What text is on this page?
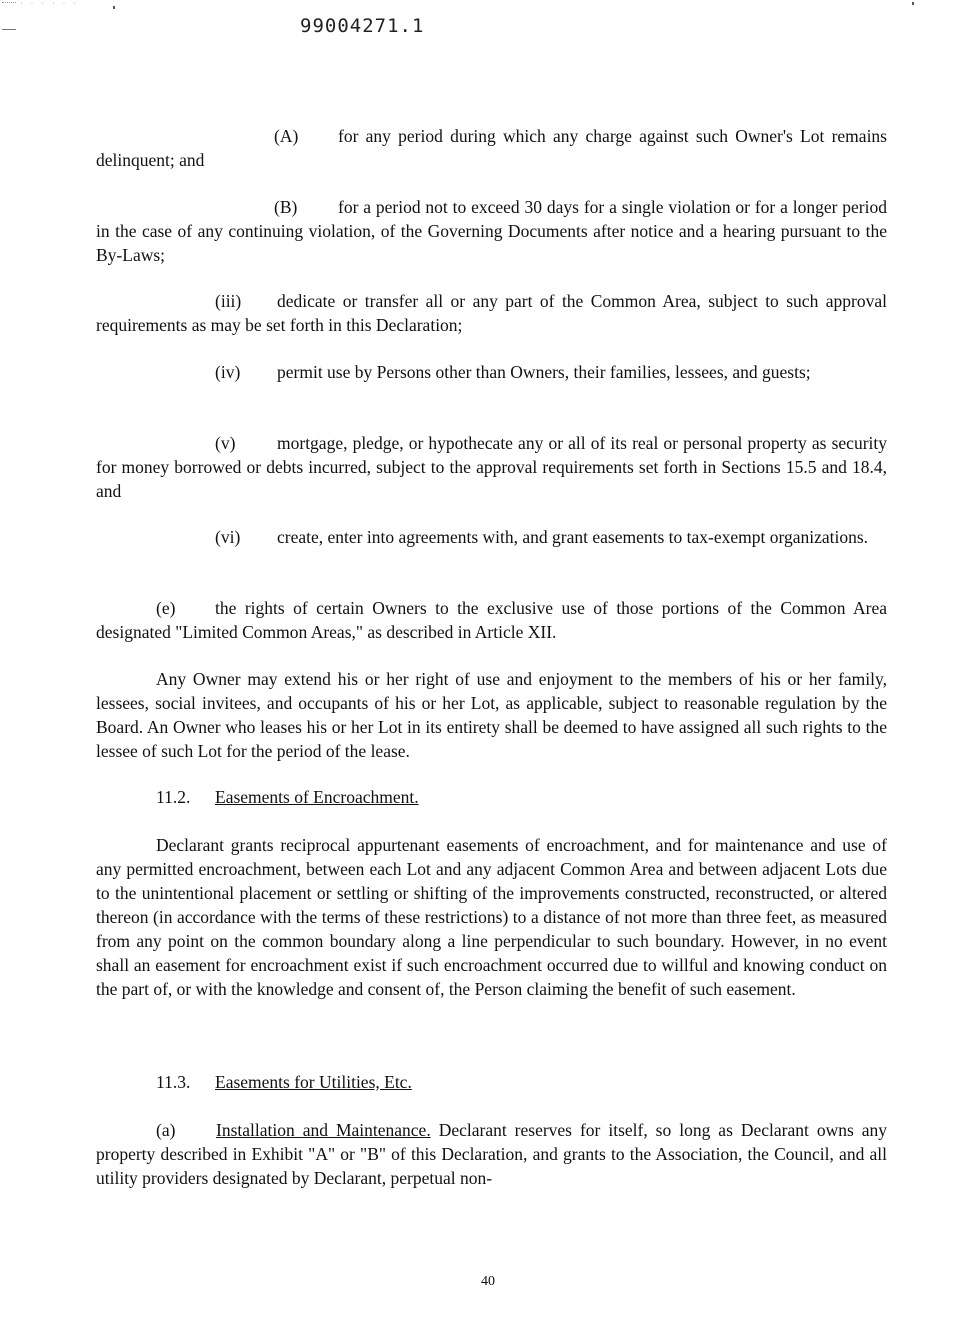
· · · · · ·
99004271.1

(A) for any period during which any charge against such Owner's Lot remains delinquent; and

(B) for a period not to exceed 30 days for a single violation or for a longer period in the case of any continuing violation, of the Governing Documents after notice and a hearing pursuant to the By-Laws;

(iii) dedicate or transfer all or any part of the Common Area, subject to such approval requirements as may be set forth in this Declaration;

(iv) permit use by Persons other than Owners, their families, lessees, and guests;

(v) mortgage, pledge, or hypothecate any or all of its real or personal property as security for money borrowed or debts incurred, subject to the approval requirements set forth in Sections 15.5 and 18.4, and

(vi) create, enter into agreements with, and grant easements to tax-exempt organizations.

(e) the rights of certain Owners to the exclusive use of those portions of the Common Area designated "Limited Common Areas," as described in Article XII.

Any Owner may extend his or her right of use and enjoyment to the members of his or her family, lessees, social invitees, and occupants of his or her Lot, as applicable, subject to reasonable regulation by the Board. An Owner who leases his or her Lot in its entirety shall be deemed to have assigned all such rights to the lessee of such Lot for the period of the lease.

11.2. Easements of Encroachment.

Declarant grants reciprocal appurtenant easements of encroachment, and for maintenance and use of any permitted encroachment, between each Lot and any adjacent Common Area and between adjacent Lots due to the unintentional placement or settling or shifting of the improvements constructed, reconstructed, or altered thereon (in accordance with the terms of these restrictions) to a distance of not more than three feet, as measured from any point on the common boundary along a line perpendicular to such boundary. However, in no event shall an easement for encroachment exist if such encroachment occurred due to willful and knowing conduct on the part of, or with the knowledge and consent of, the Person claiming the benefit of such easement.

11.3. Easements for Utilities, Etc.

(a) Installation and Maintenance. Declarant reserves for itself, so long as Declarant owns any property described in Exhibit "A" or "B" of this Declaration, and grants to the Association, the Council, and all utility providers designated by Declarant, perpetual non-

40
